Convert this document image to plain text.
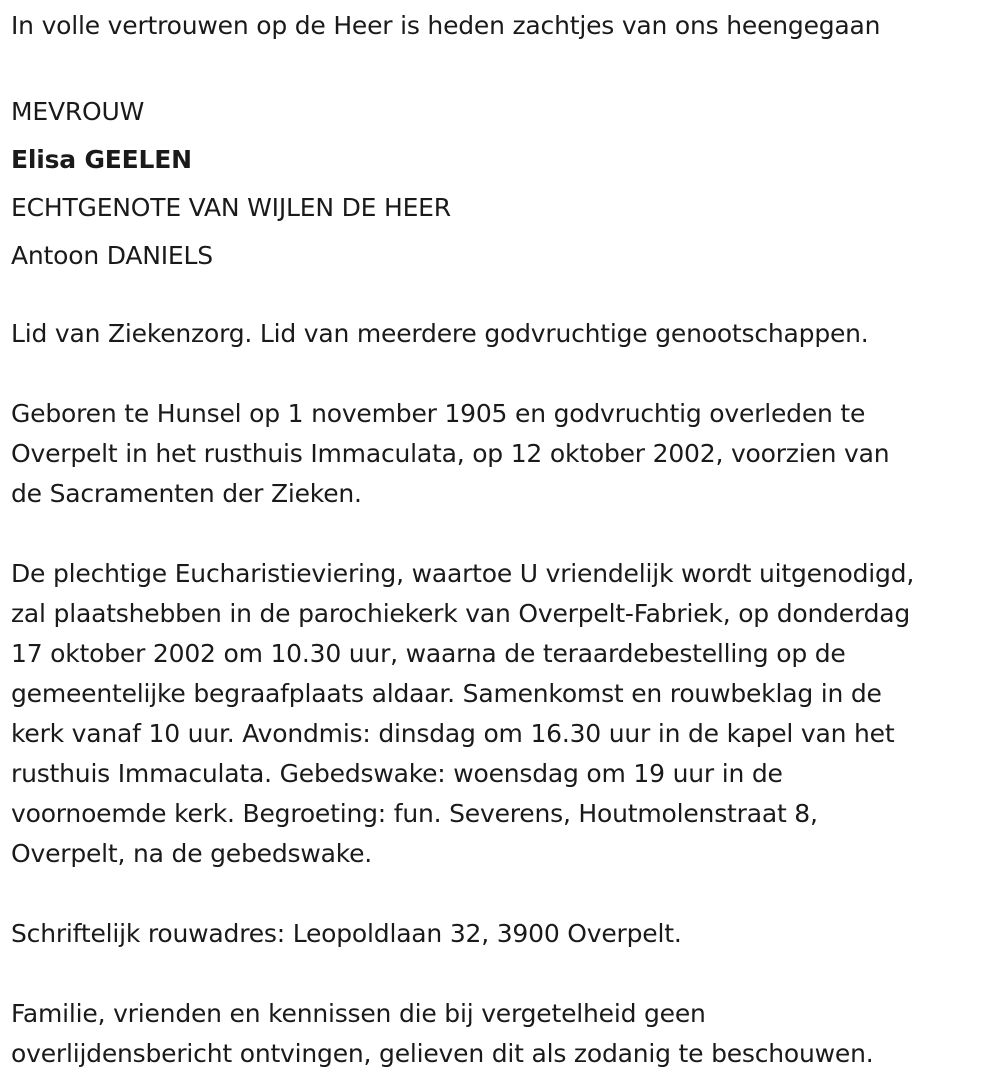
In volle vertrouwen op de Heer is heden zachtjes van ons heengegaan
MEVROUW
Elisa GEELEN
ECHTGENOTE VAN WIJLEN DE HEER
Antoon DANIELS
Lid van Ziekenzorg. Lid van meerdere godvruchtige genootschappen.
Geboren te Hunsel op 1 november 1905 en godvruchtig overleden te
Overpelt in het rusthuis Immaculata, op 12 oktober 2002, voorzien van
de Sacramenten der Zieken.
De plechtige Eucharistieviering, waartoe U vriendelijk wordt uitgenodigd,
zal plaatshebben in de parochiekerk van Overpelt-Fabriek, op donderdag
17 oktober 2002 om 10.30 uur, waarna de teraardebestelling op de
gemeentelijke begraafplaats aldaar. Samenkomst en rouwbeklag in de
kerk vanaf 10 uur. Avondmis: dinsdag om 16.30 uur in de kapel van het
rusthuis Immaculata. Gebedswake: woensdag om 19 uur in de
voornoemde kerk. Begroeting: fun. Severens, Houtmolenstraat 8,
Overpelt, na de gebedswake.
Schriftelijk rouwadres: Leopoldlaan 32, 3900 Overpelt.
Familie, vrienden en kennissen die bij vergetelheid geen
overlijdensbericht ontvingen, gelieven dit als zodanig te beschouwen.
